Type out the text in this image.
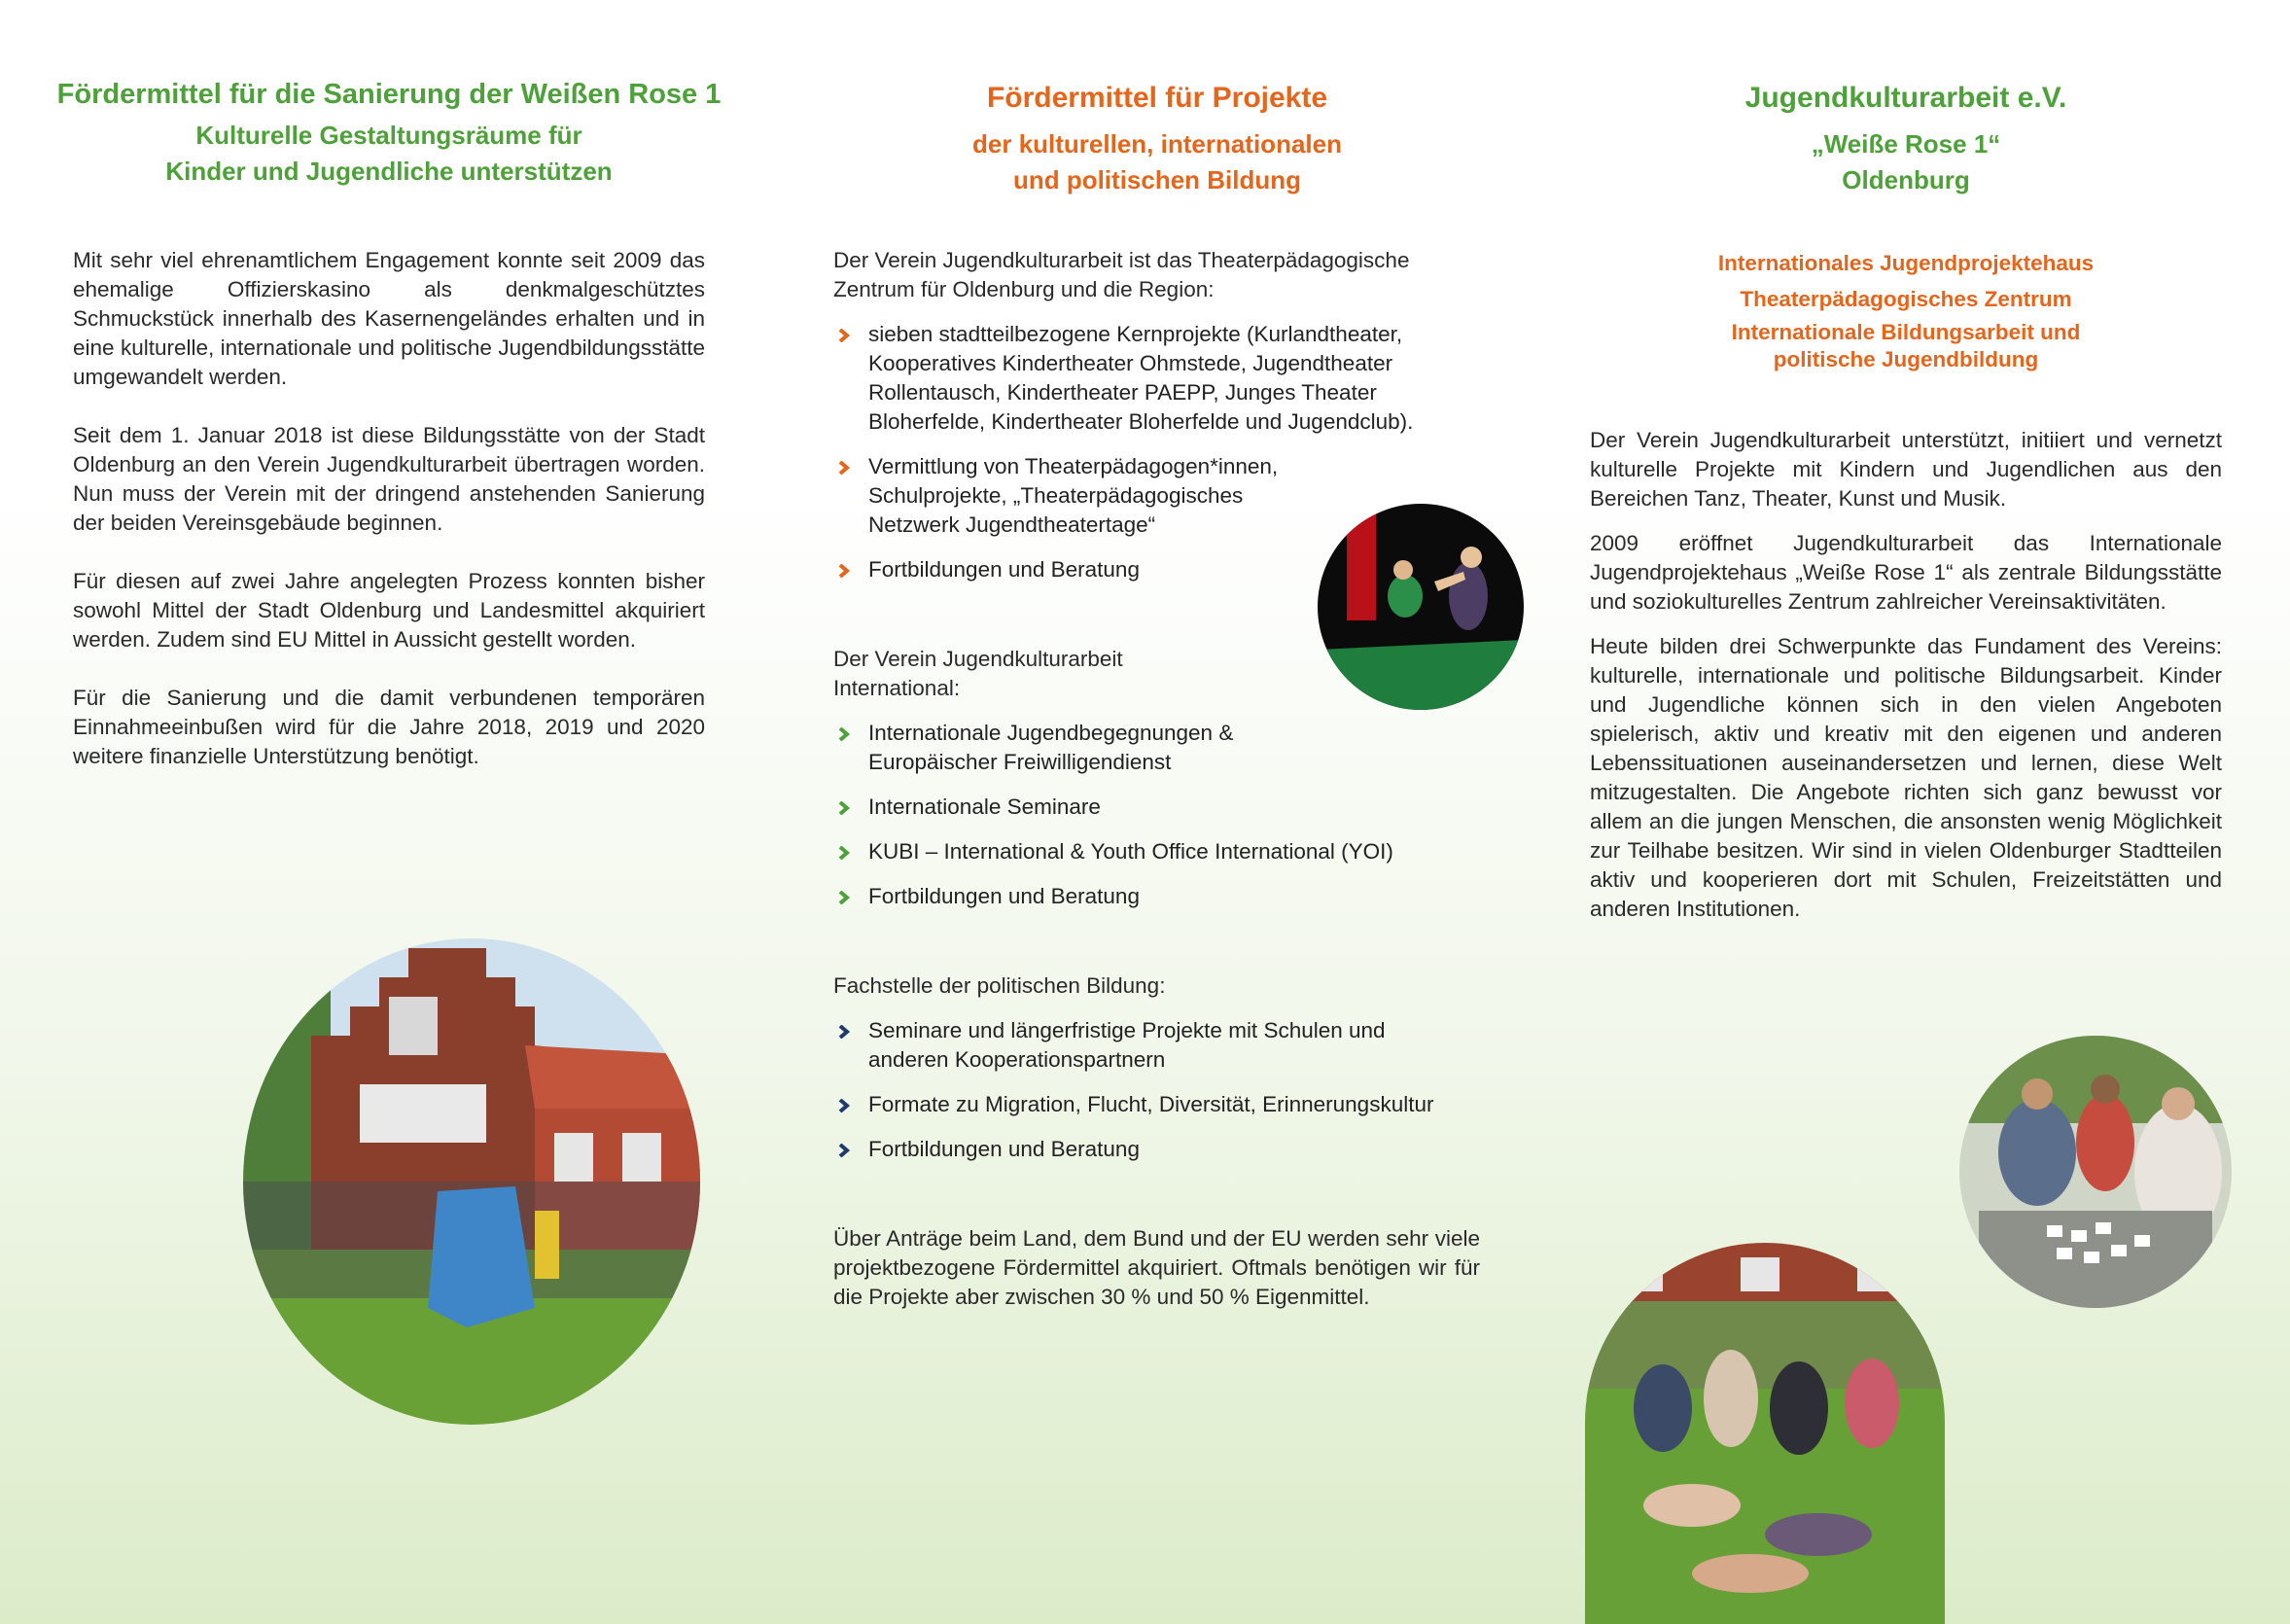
Fördermittel für die Sanierung der Weißen Rose 1
Kulturelle Gestaltungsräume für
Kinder und Jugendliche unterstützen

Mit sehr viel ehrenamtlichem Engagement konnte seit 2009 das ehemalige Offizierskasino als denkmalgeschütztes Schmuckstück innerhalb des Kasernengeländes erhalten und in eine kulturelle, internationale und politische Jugendbildungsstätte umgewandelt werden.

Seit dem 1. Januar 2018 ist diese Bildungsstätte von der Stadt Oldenburg an den Verein Jugendkulturarbeit übertragen worden. Nun muss der Verein mit der dringend anstehenden Sanierung der beiden Vereinsgebäude beginnen.

Für diesen auf zwei Jahre angelegten Prozess konnten bisher sowohl Mittel der Stadt Oldenburg und Landesmittel akquiriert werden. Zudem sind EU Mittel in Aussicht gestellt worden.

Für die Sanierung und die damit verbundenen temporären Einnahmeeinbußen wird für die Jahre 2018, 2019 und 2020 weitere finanzielle Unterstützung benötigt.

Fördermittel für Projekte
der kulturellen, internationalen
und politischen Bildung

Der Verein Jugendkulturarbeit ist das Theaterpädagogische Zentrum für Oldenburg und die Region:

sieben stadtteilbezogene Kernprojekte (Kurlandtheater, Kooperatives Kindertheater Ohmstede, Jugendtheater Rollentausch, Kindertheater PAEPP, Junges Theater Bloherfelde, Kindertheater Bloherfelde und Jugendclub).
Vermittlung von Theaterpädagogen*innen, Schulprojekte, „Theaterpädagogisches Netzwerk Jugendtheatertage“
Fortbildungen und Beratung

Der Verein Jugendkulturarbeit International:

Internationale Jugendbegegnungen & Europäischer Freiwilligendienst
Internationale Seminare
KUBI – International & Youth Office International (YOI)
Fortbildungen und Beratung

Fachstelle der politischen Bildung:

Seminare und längerfristige Projekte mit Schulen und anderen Kooperationspartnern
Formate zu Migration, Flucht, Diversität, Erinnerungskultur
Fortbildungen und Beratung

Über Anträge beim Land, dem Bund und der EU werden sehr viele projektbezogene Fördermittel akquiriert. Oftmals benötigen wir für die Projekte aber zwischen 30 % und 50 % Eigenmittel.

Jugendkulturarbeit e.V.
„Weiße Rose 1“
Oldenburg
Internationales Jugendprojektehaus
Theaterpädagogisches Zentrum
Internationale Bildungsarbeit und
politische Jugendbildung

Der Verein Jugendkulturarbeit unterstützt, initiiert und vernetzt kulturelle Projekte mit Kindern und Jugendlichen aus den Bereichen Tanz, Theater, Kunst und Musik.

2009 eröffnet Jugendkulturarbeit das Internationale Jugendprojektehaus „Weiße Rose 1“ als zentrale Bildungsstätte und soziokulturelles Zentrum zahlreicher Vereinsaktivitäten.

Heute bilden drei Schwerpunkte das Fundament des Vereins: kulturelle, internationale und politische Bildungsarbeit. Kinder und Jugendliche können sich in den vielen Angeboten spielerisch, aktiv und kreativ mit den eigenen und anderen Lebenssituationen auseinandersetzen und lernen, diese Welt mitzugestalten. Die Angebote richten sich ganz bewusst vor allem an die jungen Menschen, die ansonsten wenig Möglichkeit zur Teilhabe besitzen. Wir sind in vielen Oldenburger Stadtteilen aktiv und kooperieren dort mit Schulen, Freizeitstätten und anderen Institutionen.
